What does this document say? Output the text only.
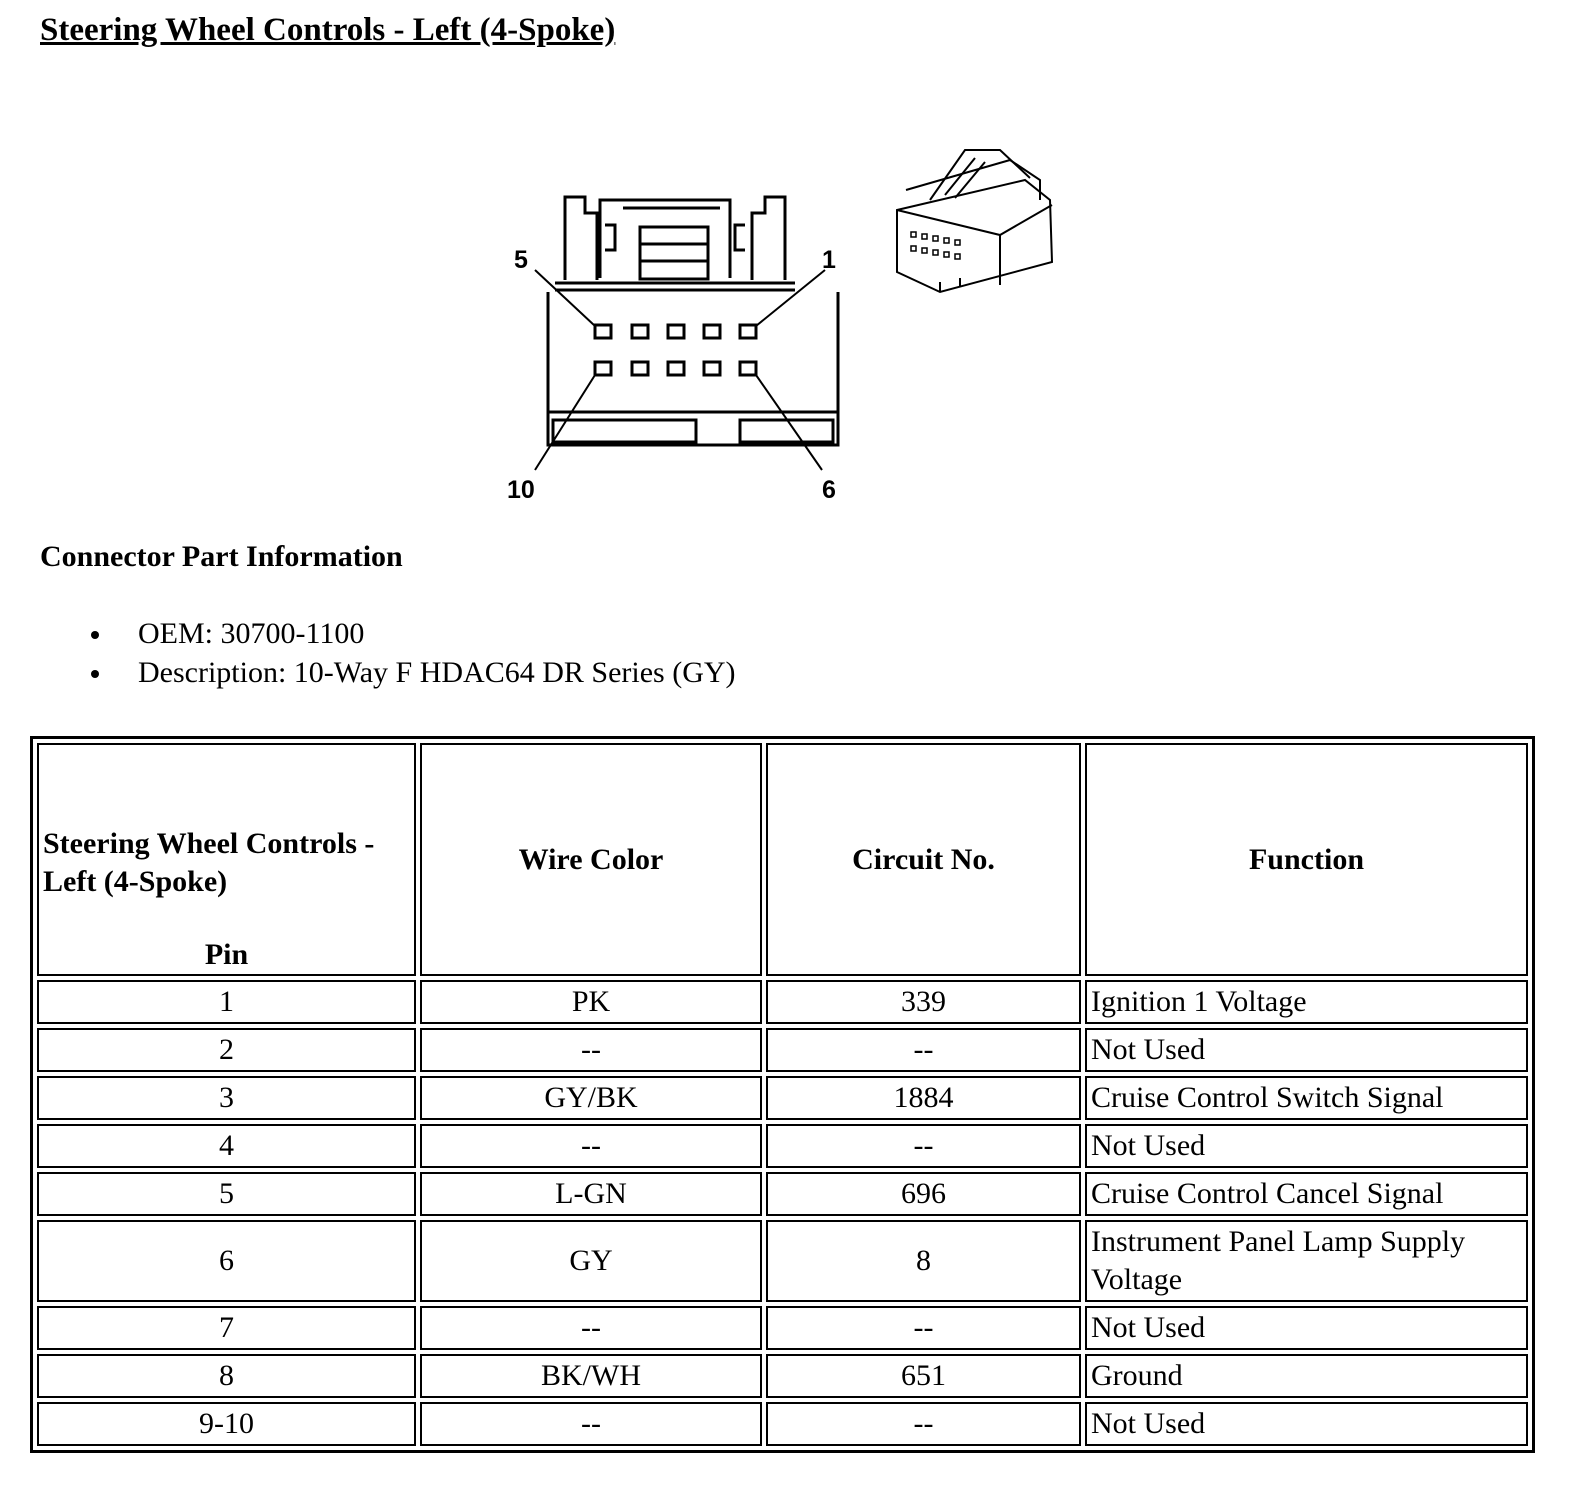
Steering Wheel Controls - Left (4-Spoke)
5	1
10	6
Connector Part Information
OEM: 30700-1100
Description: 10-Way F HDAC64 DR Series (GY)
Steering Wheel Controls - Left (4-Spoke)
Pin	Wire Color	Circuit No.	Function
1	PK	339	Ignition 1 Voltage
2	--	--	Not Used
3	GY/BK	1884	Cruise Control Switch Signal
4	--	--	Not Used
5	L-GN	696	Cruise Control Cancel Signal
6	GY	8	Instrument Panel Lamp Supply Voltage
7	--	--	Not Used
8	BK/WH	651	Ground
9-10	--	--	Not Used
